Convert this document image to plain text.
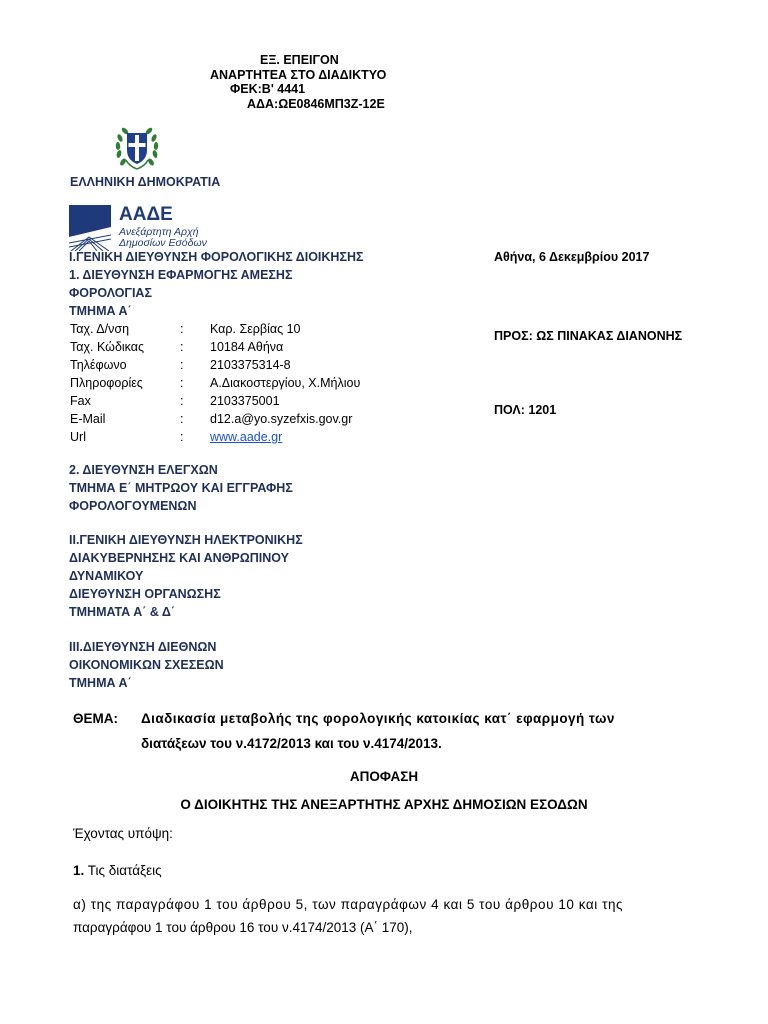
ΕΞ. ΕΠΕΙΓΟΝ
ΑΝΑΡΤΗΤΕΑ ΣΤΟ ΔΙΑΔΙΚΤΥΟ
ΦΕΚ:Β' 4441
ΑΔΑ:ΩΕ0846ΜΠ3Ζ-12Ε
ΕΛΛΗΝΙΚΗ ΔΗΜΟΚΡΑΤΙΑ
ΑΑΔΕ
Ανεξάρτητη Αρχή
Δημοσίων Εσόδων
Ι.ΓΕΝΙΚΗ ΔΙΕΥΘΥΝΣΗ ΦΟΡΟΛΟΓΙΚΗΣ ΔΙΟΙΚΗΣΗΣ
1. ΔΙΕΥΘΥΝΣΗ ΕΦΑΡΜΟΓΗΣ ΑΜΕΣΗΣ
ΦΟΡΟΛΟΓΙΑΣ
ΤΜΗΜΑ Α΄
Ταχ. Δ/νση	: Καρ. Σερβίας 10
Ταχ. Κώδικας	: 10184 Αθήνα
Τηλέφωνο	: 2103375314-8
Πληροφορίες	: Α.Διακοστεργίου, Χ.Μήλιου
Fax	: 2103375001
E-Mail	: d12.a@yo.syzefxis.gov.gr
Url	: www.aade.gr
2. ΔΙΕΥΘΥΝΣΗ ΕΛΕΓΧΩΝ
ΤΜΗΜΑ Ε΄ ΜΗΤΡΩΟΥ ΚΑΙ ΕΓΓΡΑΦΗΣ
ΦΟΡΟΛΟΓΟΥΜΕΝΩΝ
ΙΙ.ΓΕΝΙΚΗ ΔΙΕΥΘΥΝΣΗ ΗΛΕΚΤΡΟΝΙΚΗΣ
ΔΙΑΚΥΒΕΡΝΗΣΗΣ ΚΑΙ ΑΝΘΡΩΠΙΝΟΥ
ΔΥΝΑΜΙΚΟΥ
ΔΙΕΥΘΥΝΣΗ ΟΡΓΑΝΩΣΗΣ
ΤΜΗΜΑΤΑ Α΄ & Δ΄
ΙΙΙ.ΔΙΕΥΘΥΝΣΗ ΔΙΕΘΝΩΝ
ΟΙΚΟΝΟΜΙΚΩΝ ΣΧΕΣΕΩΝ
ΤΜΗΜΑ Α΄
Αθήνα, 6 Δεκεμβρίου 2017
ΠΡΟΣ: ΩΣ ΠΙΝΑΚΑΣ ΔΙΑΝΟΝΗΣ
ΠΟΛ: 1201
ΘΕΜΑ: Διαδικασία μεταβολής της φορολογικής κατοικίας κατ΄ εφαρμογή των
διατάξεων του ν.4172/2013 και του ν.4174/2013.
ΑΠΟΦΑΣΗ
Ο ΔΙΟΙΚΗΤΗΣ ΤΗΣ ΑΝΕΞΑΡΤΗΤΗΣ ΑΡΧΗΣ ΔΗΜΟΣΙΩΝ ΕΣΟΔΩΝ
Έχοντας υπόψη:
1. Τις διατάξεις
α) της παραγράφου 1 του άρθρου 5, των παραγράφων 4 και 5 του άρθρου 10 και της
παραγράφου 1 του άρθρου 16 του ν.4174/2013 (Α΄ 170),
